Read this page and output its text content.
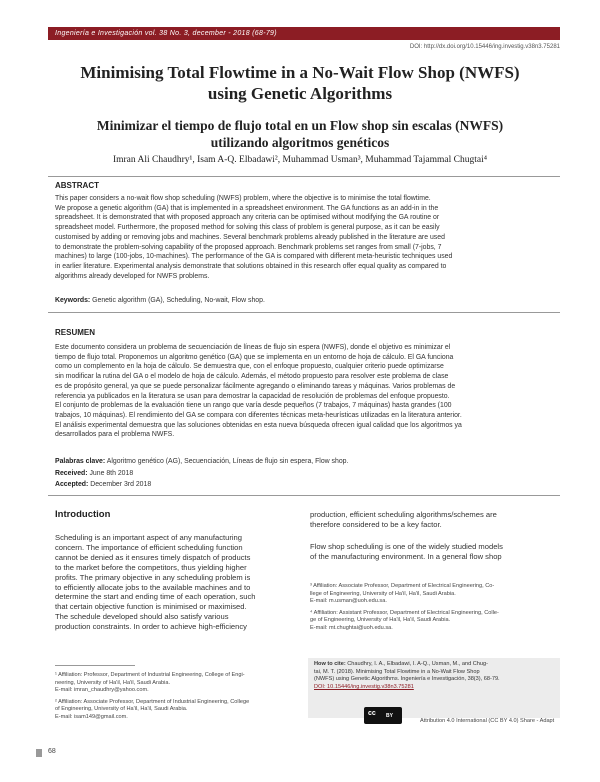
Ingeniería e Investigación vol. 38 No. 3, december - 2018 (68-79)
DOI: http://dx.doi.org/10.15446/ing.investig.v38n3.75281
Minimising Total Flowtime in a No-Wait Flow Shop (NWFS)
using Genetic Algorithms
Minimizar el tiempo de flujo total en un Flow shop sin escalas (NWFS)
utilizando algoritmos genéticos
Imran Ali Chaudhry¹, Isam A-Q. Elbadawi², Muhammad Usman³, Muhammad Tajammal Chugtai⁴
ABSTRACT
This paper considers a no-wait flow shop scheduling (NWFS) problem, where the objective is to minimise the total flowtime.
We propose a genetic algorithm (GA) that is implemented in a spreadsheet environment. The GA functions as an add-in in the
spreadsheet. It is demonstrated that with proposed approach any criteria can be optimised without modifying the GA routine or
spreadsheet model. Furthermore, the proposed method for solving this class of problem is general purpose, as it can be easily
customised by adding or removing jobs and machines. Several benchmark problems already published in the literature are used
to demonstrate the problem-solving capability of the proposed approach. Benchmark problems set ranges from small (7-jobs, 7
machines) to large (100-jobs, 10-machines). The performance of the GA is compared with different meta-heuristic techniques used
in earlier literature. Experimental analysis demonstrate that solutions obtained in this research offer equal quality as compared to
algorithms already developed for NWFS problems.
Keywords: Genetic algorithm (GA), Scheduling, No-wait, Flow shop.
RESUMEN
Este documento considera un problema de secuenciación de líneas de flujo sin espera (NWFS), donde el objetivo es minimizar el
tiempo de flujo total. Proponemos un algoritmo genético (GA) que se implementa en un entorno de hoja de cálculo. El GA funciona
como un complemento en la hoja de cálculo. Se demuestra que, con el enfoque propuesto, cualquier criterio puede optimizarse
sin modificar la rutina del GA o el modelo de hoja de cálculo. Además, el método propuesto para resolver este problema de clase
es de propósito general, ya que se puede personalizar fácilmente agregando o eliminando tareas y máquinas. Varios problemas de
referencia ya publicados en la literatura se usan para demostrar la capacidad de resolución de problemas del enfoque propuesto.
El conjunto de problemas de la evaluación tiene un rango que varía desde pequeños (7 trabajos, 7 máquinas) hasta grandes (100
trabajos, 10 máquinas). El rendimiento del GA se compara con diferentes técnicas meta-heurísticas utilizadas en la literatura anterior.
El análisis experimental demuestra que las soluciones obtenidas en esta nueva búsqueda ofrecen igual calidad que los algoritmos ya
desarrollados para el problema NWFS.
Palabras clave: Algoritmo genético (AG), Secuenciación, Líneas de flujo sin espera, Flow shop.
Received: June 8th 2018
Accepted: December 3rd 2018
Introduction
Scheduling is an important aspect of any manufacturing
concern. The importance of efficient scheduling function
cannot be denied as it ensures timely dispatch of products
to the market before the competitors, thus yielding higher
profits. The primary objective in any scheduling problem is
to efficiently allocate jobs to the available machines and to
determine the start and ending time of each operation, such
that certain objective function is minimised or maximised.
The schedule developed should also satisfy various
production constraints. In order to achieve high-efficiency
production, efficient scheduling algorithms/schemes are
therefore considered to be a key factor.
Flow shop scheduling is one of the widely studied models
of the manufacturing environment. In a general flow shop
¹ Affiliation: Professor, Department of Industrial Engineering, College of Engi-
neering, University of Ha'il, Ha'il, Saudi Arabia.
E-mail: imran_chaudhry@yahoo.com.
² Affiliation: Associate Professor, Department of Industrial Engineering, College
of Engineering, University of Ha'il, Ha'il, Saudi Arabia.
E-mail: isam149@gmail.com.
³ Affiliation: Associate Professor, Department of Electrical Engineering, Co-
llege of Engineering, University of Ha'il, Ha'il, Saudi Arabia.
E-mail: m.usman@uoh.edu.sa.
⁴ Affiliation: Assistant Professor, Department of Electrical Engineering, Colle-
ge of Engineering, University of Ha'il, Ha'il, Saudi Arabia.
E-mail: mt.chughtai@uoh.edu.sa.
How to cite: Chaudhry, I. A., Elbadawi, I. A-Q., Usman, M., and Chug-
tai, M. T. (2018). Minimising Total Flowtime in a No-Wait Flow Shop
(NWFS) using Genetic Algorithms. Ingeniería e Investigación, 38(3), 68-79.
DOI: 10.15446/ing.investig.v38n3.75281
cc BY
Attribution 4.0 International (CC BY 4.0) Share - Adapt
68
